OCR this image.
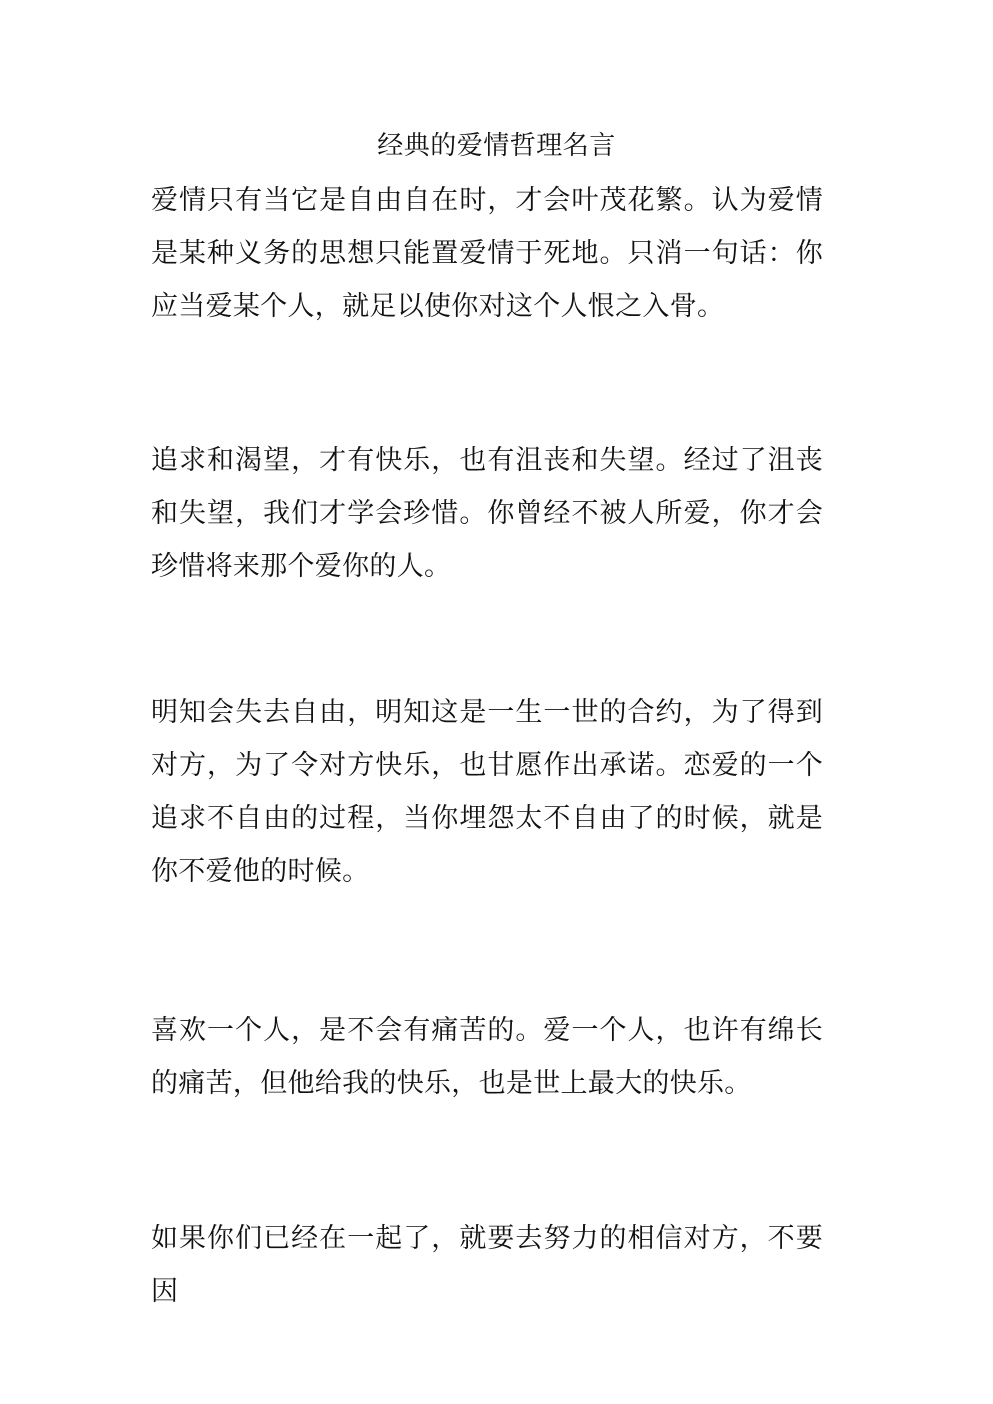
经典的爱情哲理名言

爱情只有当它是自由自在时，才会叶茂花繁。认为爱情是某种义务的思想只能置爱情于死地。只消一句话：你应当爱某个人，就足以使你对这个人恨之入骨。

追求和渴望，才有快乐，也有沮丧和失望。经过了沮丧和失望，我们才学会珍惜。你曾经不被人所爱，你才会珍惜将来那个爱你的人。

明知会失去自由，明知这是一生一世的合约，为了得到对方，为了令对方快乐，也甘愿作出承诺。恋爱的一个追求不自由的过程，当你埋怨太不自由了的时候，就是你不爱他的时候。

喜欢一个人，是不会有痛苦的。爱一个人，也许有绵长的痛苦，但他给我的快乐，也是世上最大的快乐。

如果你们已经在一起了，就要去努力的相信对方，不要因
